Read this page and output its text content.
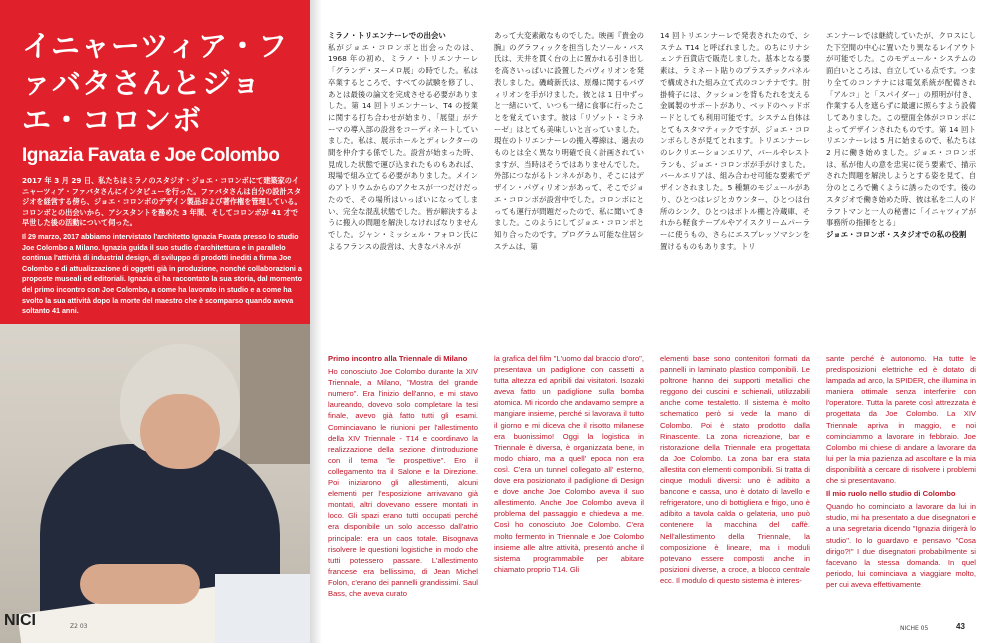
イニャーツィア・ファバタさんとジョエ・コロンボ
Ignazia Favata e Joe Colombo

2017 年 3 月 29 日、私たちはミラノのスタジオ・ジョエ・コロンボにて建築家のイニャーツィア・ファバタさんにインタビューを行った。ファバタさんは自分の設計スタジオを経営する傍ら、ジョエ・コロンボのデザイン製品および著作権を管理している。コロンボとの出会いから、アシスタントを務めた 3 年間、そしてコロンボが 41 才で早世した後の活動について伺った。

Il 29 marzo, 2017 abbiamo intervistato l'architetto Ignazia Favata presso lo studio Joe Colombo a Milano. Ignazia guida il suo studio d'architettura e in parallelo continua l'attività di industrial design, di sviluppo di prodotti inediti a firma Joe Colombo e di attualizzazione di oggetti già in produzione, nonché collaborazioni a proposte museali ed editoriali. Ignazia ci ha raccontato la sua storia, dal momento del primo incontro con Joe Colombo, a come ha lavorato in studio e a come ha svolto la sua attività dopo la morte del maestro che è scomparso quando aveva soltanto 41 anni.

NICI	Z2 03

ミラノ・トリエンナーレでの出会い

私がジョエ・コロンボと出会ったのは、1968 年の初め、ミラノ・トリエンナーレ「グランデ・ヌーメロ展」の時でした。私は卒業するところで、すべての試験を修了し、あとは最後の論文を完成させる必要がありました。第 14 回トリエンナーレ、T4 の授業に関する打ち合わせが始まり、「展望」がテーマの導入部の設営をコーディネートしていました。私は、展示ホールとディレクターの間を仲介する係でした。設営が始まった時、見成した状態で運び込まれたものもあれば、現場で組み立てる必要がありました。メインのアトリウムからのアクセスが一つだけだったので、その場所はいっぱいになってしまい、完全な混乱状態でした。皆が解決するように搬入の問題を解決しなければなりませんでした。ジャン・ミッシェル・フォロン氏によるフランスの設営は、大きなパネルが

あって大変素敵なものでした。映画『貴金の腕』のグラフィックを担当したソール・バス氏は、天井を貫く台の上に置かれる引き出しを高さいっぱいに設置したパヴィリオンを発表しました。磯崎新氏は、原爆に関するパヴィリオンを手がけました。彼とは 1 日中ずっと一緒にいて、いつも一緒に食事に行ったことを覚えています。彼は「リゾット・ミラネーゼ」はとても美味しいと言っていました。現在のトリエンナーレの搬入導線は、過去のものとは全く異なり明確で良く計画されていますが、当時はそうではありませんでした。外部につながるトンネルがあり、そこにはデザイン・パヴィリオンがあって、そこでジョエ・コロンボが設営中でした。コロンボにとっても運行が問題だったので、私に聞いてきました。このようにしてジョエ・コロンボと知り合ったのです。プログラム可能な住居システムは、第

14 回トリエンナーレで発表されたので、システム T14 と呼ばれました。のちにリナシェンテ百貨店で販売しました。基本となる要素は、ラミネート貼りのプラスチックパネルで構成された組み立て式のコンテナです。肘掛椅子には、クッションを背もたれを支える金属製のサポートがあり、ベッドのヘッドボードとしても利用可能です。システム自体はとてもスタマティックですが、ジョエ・コロンボらしさが見てとれます。トリエンナーレのレクリエーションエリア、バールやレストランも、ジョエ・コロンボが手がけました。バールエリアは、組み合わせ可能な要素でデザインされました。5 種類のモジュールがあり、ひとつはレジとカウンター、ひとつは台所のシンク、ひとつはボトル棚と冷蔵庫、それから軽食テーブルやアイスクリームパーラーに使うもの、さらにエスプレッソマシンを置けるものもあります。トリ

エンナーレでは継続していたが、クロスにした下空間の中心に置いたり異なるレイアウトが可能でした。このモデュール・システムの面白いところは、自立している点です。つまり全てのコンテナには電気系統が配備され「アルコ」と「スパイダー」の照明が付き、作業する人を遮らずに最適に照らすよう設備してありました。この壁面全体がコロンボによってデザインされたものです。第 14 回トリエンナーレは 5 月に始まるので、私たちは 2 月に働き始めました。ジョエ・コロンボは、私が他人の意を忠実に従う要素で、描示された問題を解決しようとする姿を見て、自分のところで働くように誘ったのです。後のスタジオで働き始めた時、彼は私を二人のドラフトマンと一人の秘書に「イニャツィアが事務所の指揮をとる」

ジョエ・コロンボ・スタジオでの私の役割

Primo incontro alla Triennale di Milano

Ho conosciuto Joe Colombo durante la XIV Triennale, a Milano, "Mostra del grande numero". Era l'inizio dell'anno, e mi stavo laureando, dovevo solo completare la tesi finale, avevo già fatto tutti gli esami. Cominciavano le riunioni per l'allestimento della XIV Triennale - T14 e coordinavo la realizzazione della sezione d'introduzione con il tema "le prospettive". Ero il collegamento tra il Salone e la Direzione. Poi iniziarono gli allestimenti, alcuni elementi per l'esposizione arrivavano già montati, altri dovevano essere montati in loco. Gli spazi erano tutti occupati perché era disponibile un solo accesso dall'atrio principale: era un caos totale. Bisognava risolvere le questioni logistiche in modo che tutti potessero passare. L'allestimento francese era bellissimo, di Jean Michel Folon, c'erano dei pannelli grandissimi. Saul Bass, che aveva curato

la grafica del film "L'uomo dal braccio d'oro", presentava un padiglione con cassetti a tutta altezza ed apribili dai visitatori. Isozaki aveva fatto un padiglione sulla bomba atomica. Mi ricordo che andavamo sempre a mangiare insieme, perché si lavorava il tutto il giorno e mi diceva che il risotto milanese era buonissimo! Oggi la logistica in Triennale è diversa, è organizzata bene, in modo chiaro, ma a quell' epoca non era così. C'era un tunnel collegato all' esterno, dove era posizionato il padiglione di Design e dove anche Joe Colombo aveva il suo allestimento. Anche Joe Colombo aveva il problema del passaggio e chiedeva a me. Così ho conosciuto Joe Colombo. C'era molto fermento in Triennale e Joe Colombo insieme alle altre attività, presentò anche il sistema programmabile per abitare chiamato proprio T14. Gli

elementi base sono contenitori formati da pannelli in laminato plastico componibili. Le poltrone hanno dei supporti metallici che reggono dei cuscini e schienali, utilizzabili anche come testaletto. Il sistema è molto schematico però si vede la mano di Colombo. Poi è stato prodotto dalla Rinascente. La zona ricreazione, bar e ristorazione della Triennale era progettata da Joe Colombo. La zona bar era stata allestita con elementi componibili. Si tratta di cinque moduli diversi: uno è adibito a bancone e cassa, uno è dotato di lavello e refrigeratore, uno di bottigliera e frigo, uno è adibito a tavola calda o gelateria, uno può contenere la macchina del caffè. Nell'allestimento della Triennale, la composizione è lineare, ma i moduli potevano essere composti anche in posizioni diverse, a croce, a blocco centrale ecc. Il modulo di questo sistema è interes-

sante perché è autonomo. Ha tutte le predisposizioni elettriche ed è dotato di lampada ad arco, la SPIDER, che illumina in maniera ottimale senza interferire con l'operatore. Tutta la parete così attrezzata è progettata da Joe Colombo. La XIV Triennale apriva in maggio, e noi cominciammo a lavorare in febbraio. Joe Colombo mi chiese di andare a lavorare da lui per la mia pazienza ad ascoltare e la mia disponibilità a cercare di risolvere i problemi che si presentavano.

Il mio ruolo nello studio di Colombo

Quando ho cominciato a lavorare da lui in studio, mi ha presentato a due disegnatori e a una segretaria dicendo "Ignazia dirigerà lo studio". Io lo guardavo e pensavo "Cosa dirigo?!" I due disegnatori probabilmente si facevano la stessa domanda. In quel periodo, lui cominciava a viaggiare molto, per cui aveva effettivamente

NICHE 05	43
